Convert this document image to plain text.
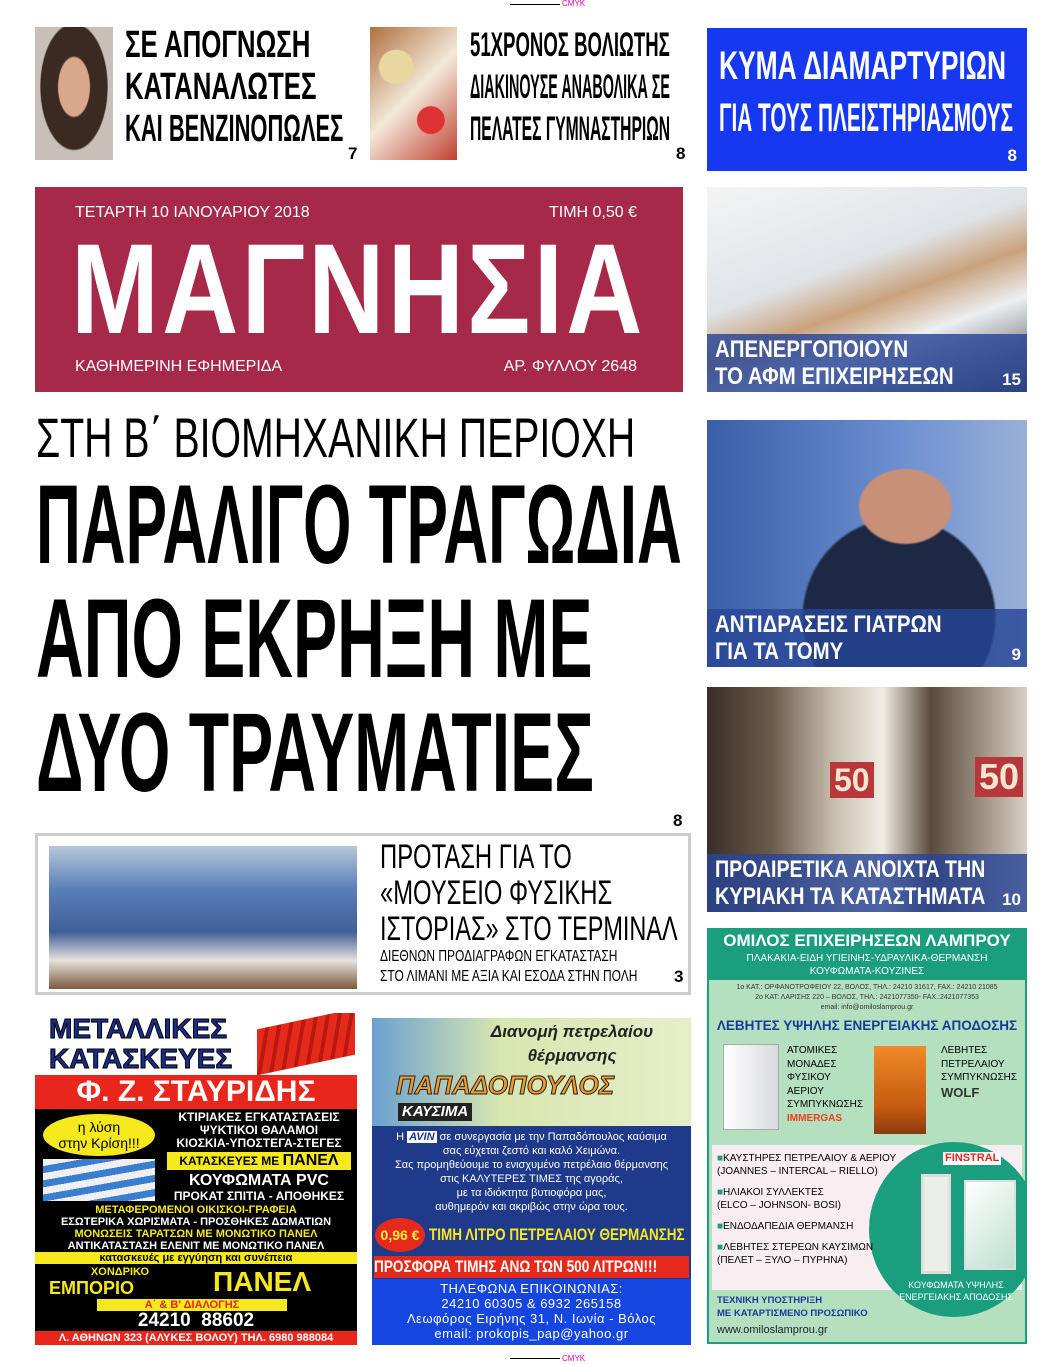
CMYK
CMYK
ΣΕ ΑΠΟΓΝΩΣΗ
ΚΑΤΑΝΑΛΩΤΕΣ
ΚΑΙ ΒΕΝΖΙΝΟΠΩΛΕΣ
7
51ΧΡΟΝΟΣ ΒΟΛΙΩΤΗΣ
ΔΙΑΚΙΝΟΥΣΕ ΑΝΑΒΟΛΙΚΑ ΣΕ
ΠΕΛΑΤΕΣ ΓΥΜΝΑΣΤΗΡΙΩΝ
8
ΚΥΜΑ ΔΙΑΜΑΡΤΥΡΙΩΝ
ΓΙΑ ΤΟΥΣ ΠΛΕΙΣΤΗΡΙΑΣΜΟΥΣ
8
ΤΕΤΑΡΤΗ 10 ΙΑΝΟΥΑΡΙΟΥ 2018	ΤΙΜΗ 0,50 €
ΜΑΓΝΗΣΙΑ
ΚΑΘΗΜΕΡΙΝΗ ΕΦΗΜΕΡΙΔΑ	ΑΡ. ΦΥΛΛΟΥ 2648
ΣΤΗ Β΄ ΒΙΟΜΗΧΑΝΙΚΗ ΠΕΡΙΟΧΗ
ΠΑΡΑΛΙΓΟ ΤΡΑΓΩΔΙΑ
ΑΠΟ ΕΚΡΗΞΗ ΜΕ
ΔΥΟ ΤΡΑΥΜΑΤΙΕΣ
8
ΠΡΟΤΑΣΗ ΓΙΑ ΤΟ
«ΜΟΥΣΕΙΟ ΦΥΣΙΚΗΣ
ΙΣΤΟΡΙΑΣ» ΣΤΟ ΤΕΡΜΙΝΑΛ
ΔΙΕΘΝΩΝ ΠΡΟΔΙΑΓΡΑΦΩΝ ΕΓΚΑΤΑΣΤΑΣΗ
ΣΤΟ ΛΙΜΑΝΙ ΜΕ ΑΞΙΑ ΚΑΙ ΕΣΟΔΑ ΣΤΗΝ ΠΟΛΗ	3
ΑΠΕΝΕΡΓΟΠΟΙΟΥΝ
ΤΟ ΑΦΜ ΕΠΙΧΕΙΡΗΣΕΩΝ	15
ΑΝΤΙΔΡΑΣΕΙΣ ΓΙΑΤΡΩΝ
ΓΙΑ ΤΑ ΤΟΜΥ	9
50	50
ΠΡΟΑΙΡΕΤΙΚΑ ΑΝΟΙΧΤΑ ΤΗΝ
ΚΥΡΙΑΚΗ ΤΑ ΚΑΤΑΣΤΗΜΑΤΑ 10
ΜΕΤΑΛΛΙΚΕΣ
ΚΑΤΑΣΚΕΥΕΣ
Φ. Ζ. ΣΤΑΥΡΙΔΗΣ
η λύση
στην Κρίση!!!
ΚΤΙΡΙΑΚΕΣ ΕΓΚΑΤΑΣΤΑΣΕΙΣ
ΨΥΚΤΙΚΟΙ ΘΑΛΑΜΟΙ
ΚΙΟΣΚΙΑ-ΥΠΟΣΤΕΓΑ-ΣΤΕΓΕΣ
ΚΑΤΑΣΚΕΥΕΣ ΜΕ ΠΑΝΕΛ
ΚΟΥΦΩΜΑΤΑ PVC
ΠΡΟΚΑΤ ΣΠΙΤΙΑ - ΑΠΟΘΗΚΕΣ
ΜΕΤΑΦΕΡΟΜΕΝΟΙ ΟΙΚΙΣΚΟΙ-ΓΡΑΦΕΙΑ
ΕΣΩΤΕΡΙΚΑ ΧΩΡΙΣΜΑΤΑ - ΠΡΟΣΘΗΚΕΣ ΔΩΜΑΤΙΩΝ
ΜΟΝΩΣΕΙΣ ΤΑΡΑΤΣΩΝ ΜΕ ΜΟΝΩΤΙΚΟ ΠΑΝΕΛ
ΑΝΤΙΚΑΤΑΣΤΑΣΗ ΕΛΕΝΙΤ ΜΕ ΜΟΝΩΤΙΚΟ ΠΑΝΕΛ
κατασκευές με εγγύηση και συνέπεια
ΧΟΝΔΡΙΚΟ
ΕΜΠΟΡΙΟ	ΠΑΝΕΛ
Α΄ & Β' ΔΙΑΛΟΓΗΣ
24210  88602
Λ. ΑΘΗΝΩΝ 323 (ΑΛΥΚΕΣ ΒΟΛΟΥ) ΤΗΛ. 6980 988084
Διανομή πετρελαίου
θέρμανσης
ΠΑΠΑΔΟΠΟΥΛΟΣ
ΚΑΥΣΙΜΑ
Η AVIN σε συνεργασία με την Παπαδόπουλος καύσιμα
σας εύχεται ζεστό και καλό Χειμώνα.
Σας προμηθεύουμε το ενισχυμένο πετρέλαιο θέρμανσης
στις ΚΑΛΥΤΕΡΕΣ ΤΙΜΕΣ της αγοράς,
με τα ιδιόκτητα βυτιοφόρα μας,
αυθημερόν και ακριβώς στην ώρα τους.
0,96 € ΤΙΜΗ ΛΙΤΡΟ ΠΕΤΡΕΛΑΙΟΥ ΘΕΡΜΑΝΣΗΣ
ΠΡΟΣΦΟΡΑ ΤΙΜΗΣ ΑΝΩ ΤΩΝ 500 ΛΙΤΡΩΝ!!!
ΤΗΛΕΦΩΝΑ ΕΠΙΚΟΙΝΩΝΙΑΣ:
24210 60305 & 6932 265158
Λεωφόρος Ειρήνης 31, Ν. Ιωνία - Βόλος
email: prokopis_pap@yahoo.gr
ΟΜΙΛΟΣ ΕΠΙΧΕΙΡΗΣΕΩΝ ΛΑΜΠΡΟΥ
ΠΛΑΚΑΚΙΑ-ΕΙΔΗ ΥΓΙΕΙΝΗΣ-ΥΔΡΑΥΛΙΚΑ-ΘΕΡΜΑΝΣΗ
ΚΟΥΦΩΜΑΤΑ-ΚΟΥΖΙΝΕΣ
1ο ΚΑΤ.: ΟΡΦΑΝΟΤΡΟΦΕΙΟΥ 22, ΒΟΛΟΣ, ΤΗΛ.: 24210 31617, FAX.: 24210 21085
2ο ΚΑΤ: ΛΑΡΙΣΗΣ 220 – ΒΟΛΟΣ, ΤΗΛ.: 2421077350- FAX.:2421077353
email: info@omiloslamprou.gr
ΛΕΒΗΤΕΣ ΥΨΗΛΗΣ ΕΝΕΡΓΕΙΑΚΗΣ ΑΠΟΔΟΣΗΣ
ΑΤΟΜΙΚΕΣ
ΜΟΝΑΔΕΣ
ΦΥΣΙΚΟΥ
ΑΕΡΙΟΥ
ΣΥΜΠΥΚΝΩΣΗΣ
IMMERGAS
ΛΕΒΗΤΕΣ
ΠΕΤΡΕΛΑΙΟΥ
ΣΥΜΠΥΚΝΩΣΗΣ
WOLF
FINSTRAL
■ΚΑΥΣΤΗΡΕΣ ΠΕΤΡΕΛΑΙΟΥ & ΑΕΡΙΟΥ
(JOANNES – INTERCAL – RIELLO)
■ΗΛΙΑΚΟΙ ΣΥΛΛΕΚΤΕΣ
(ELCO – JOHNSON- BOSI)
■ΕΝΔΟΔΑΠΕΔΙΑ ΘΕΡΜΑΝΣΗ
■ΛΕΒΗΤΕΣ ΣΤΕΡΕΩΝ ΚΑΥΣΙΜΩΝ
(ΠΕΛΕΤ – ΞΥΛΟ – ΠΥΡΗΝΑ)
ΚΟΥΦΩΜΑΤΑ ΥΨΗΛΗΣ
ΕΝΕΡΓΕΙΑΚΗΣ ΑΠΟΔΟΣΗΣ
ΤΕΧΝΙΚΗ ΥΠΟΣΤΗΡΙΞΗ
ΜΕ ΚΑΤΑΡΤΙΣΜΕΝΟ ΠΡΟΣΩΠΙΚΟ
www.omiloslamprou.gr
